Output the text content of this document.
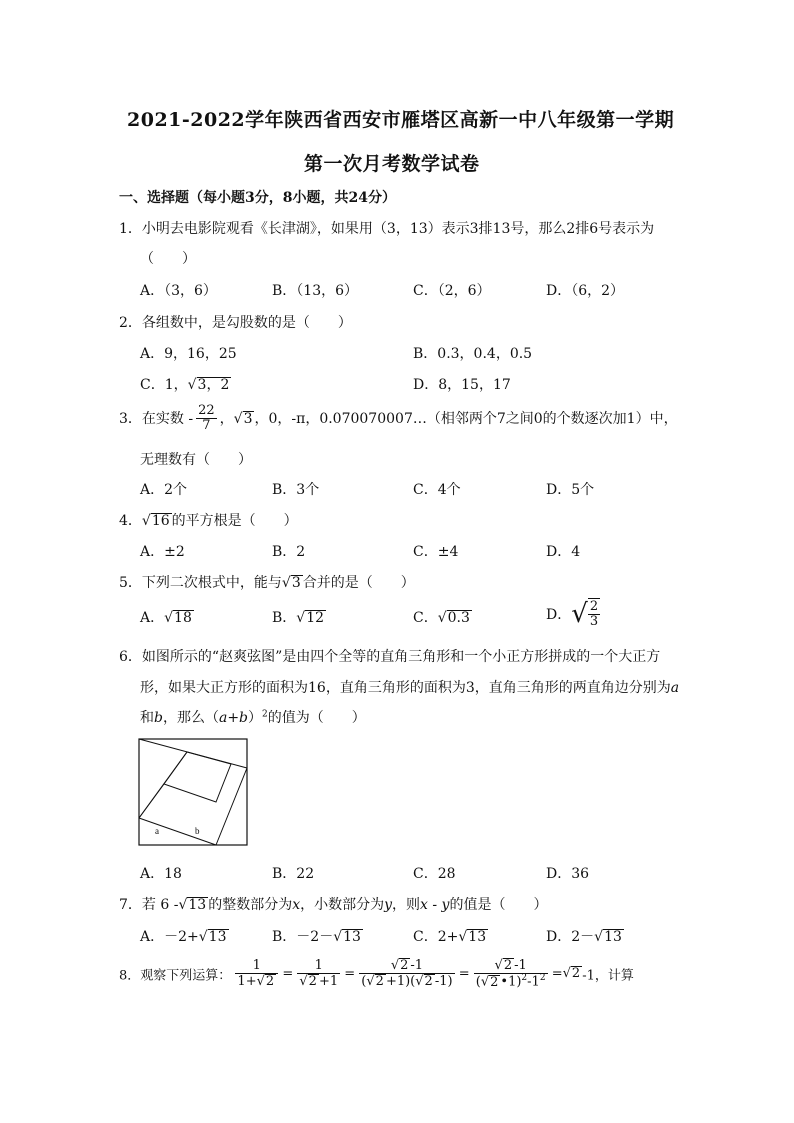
2021-2022学年陕西省西安市雁塔区高新一中八年级第一学期
第一次月考数学试卷
一、选择题（每小题3分，8小题，共24分）
1．小明去电影院观看《长津湖》，如果用（3，13）表示3排13号，那么2排6号表示为
（　　）
A．（3，6）	B．（13，6）	C．（2，6）	D．（6，2）
2．各组数中，是勾股数的是（　　）
A．9，16，25	B．0.3，0.4，0.5
C．1，√3，2	D．8，15，17
3．在实数 - $\frac{22}{7}$ ，√3 ，0，-π，0.070070007…（相邻两个7之间0的个数逐次加1）中，
无理数有（　　）
A．2个	B．3个	C．4个	D．5个
4．√16 的平方根是（　　）
A．±2	B．2	C．±4	D．4
5．下列二次根式中，能与√3 合并的是（　　）
A．√18	B．√12	C．√0.3	D．√ $\frac{2}{3}$
6．如图所示的“赵爽弦图”是由四个全等的直角三角形和一个小正方形拼成的一个大正方
形，如果大正方形的面积为16，直角三角形的面积为3，直角三角形的两直角边分别为a
和b，那么$(a+b)^2$的值为（　　）
a	b
A．18	B．22	C．28	D．36
7．若 6 -√13 的整数部分为x，小数部分为y，则x - y的值是（　　）
A．－2+√13	B．－2－√13	C．2+√13	D．2－√13
8．观察下列运算： $\frac{1}{1+√2} = \frac{1}{√2 +1} = \frac{√2 -1}{(√2 +1)(√2 -1)} = \frac{√2 -1}{(√2 •1)^2-1^2} =√2$ -1，计算
